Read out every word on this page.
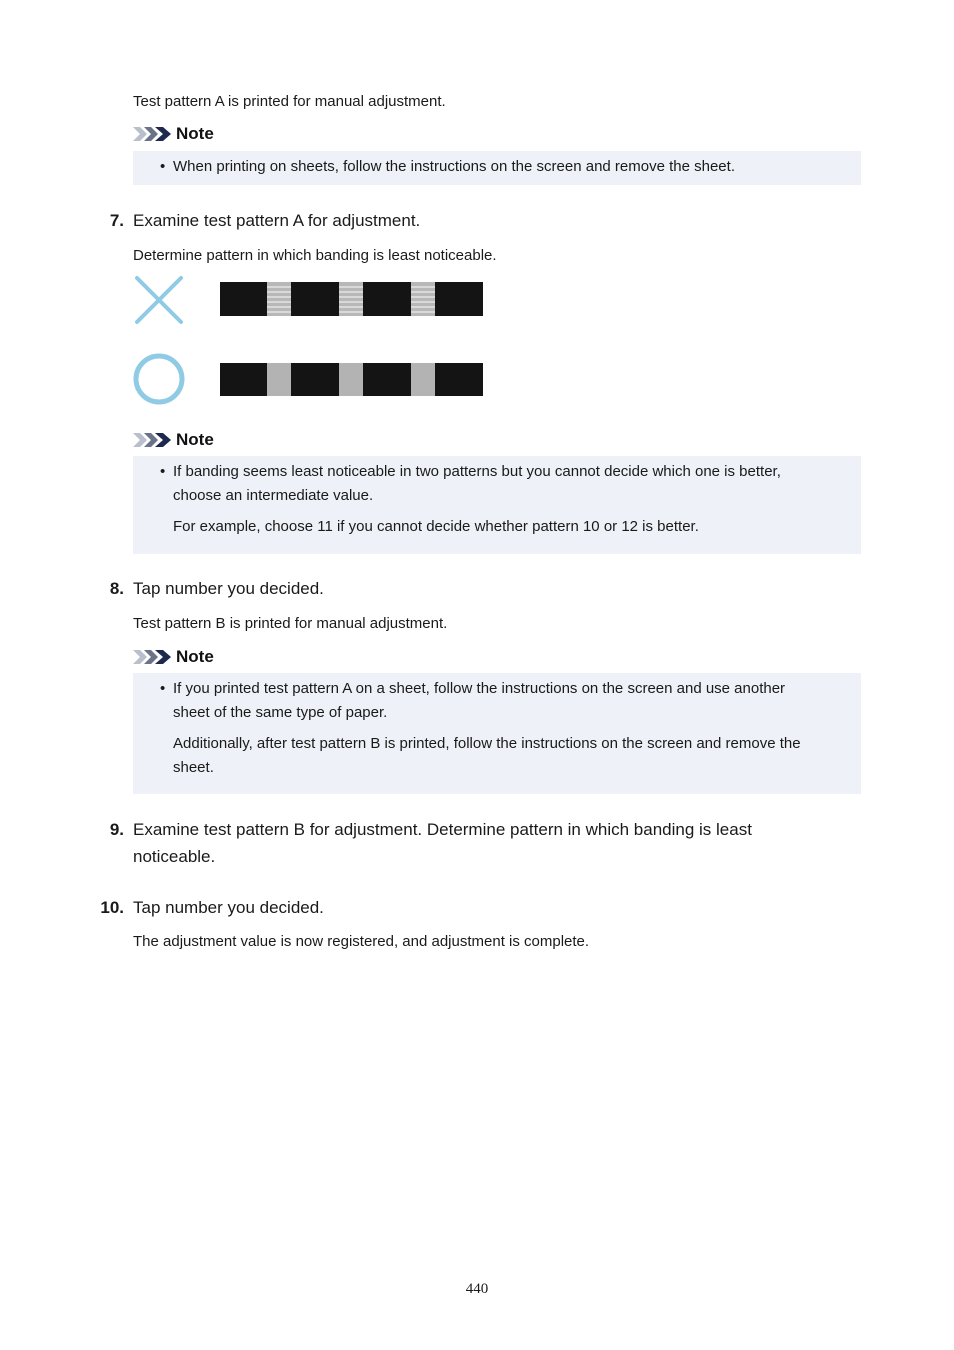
Test pattern A is printed for manual adjustment.
Note
• When printing on sheets, follow the instructions on the screen and remove the sheet.
7. Examine test pattern A for adjustment.
Determine pattern in which banding is least noticeable.
Note
• If banding seems least noticeable in two patterns but you cannot decide which one is better,
choose an intermediate value.
For example, choose 11 if you cannot decide whether pattern 10 or 12 is better.
8. Tap number you decided.
Test pattern B is printed for manual adjustment.
Note
• If you printed test pattern A on a sheet, follow the instructions on the screen and use another
sheet of the same type of paper.
Additionally, after test pattern B is printed, follow the instructions on the screen and remove the
sheet.
9. Examine test pattern B for adjustment. Determine pattern in which banding is least
noticeable.
10. Tap number you decided.
The adjustment value is now registered, and adjustment is complete.
440
